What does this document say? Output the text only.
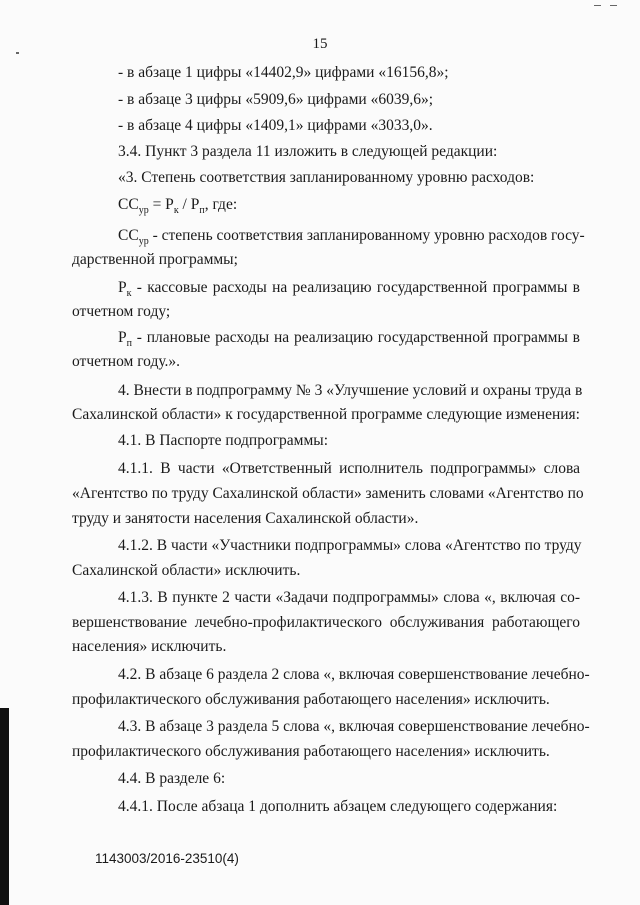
15
- в абзаце 1 цифры «14402,9» цифрами «16156,8»;
- в абзаце 3 цифры «5909,6» цифрами «6039,6»;
- в абзаце 4 цифры «1409,1» цифрами «3033,0».
3.4. Пункт 3 раздела 11 изложить в следующей редакции:
«3. Степень соответствия запланированному уровню расходов:
$СС_{ур} = Р_к / Р_п$, где:
$СС_{ур}$ - степень соответствия запланированному уровню расходов госу-
дарственной программы;
$Р_к$ - кассовые расходы на реализацию государственной программы в
отчетном году;
$Р_п$ - плановые расходы на реализацию государственной программы в
отчетном году.».
4. Внести в подпрограмму № 3 «Улучшение условий и охраны труда в
Сахалинской области» к государственной программе следующие изменения:
4.1. В Паспорте подпрограммы:
4.1.1. В части «Ответственный исполнитель подпрограммы» слова
«Агентство по труду Сахалинской области» заменить словами «Агентство по
труду и занятости населения Сахалинской области».
4.1.2. В части «Участники подпрограммы» слова «Агентство по труду
Сахалинской области» исключить.
4.1.3. В пункте 2 части «Задачи подпрограммы» слова «, включая со-
вершенствование лечебно-профилактического обслуживания работающего
населения» исключить.
4.2. В абзаце 6 раздела 2 слова «, включая совершенствование лечебно-
профилактического обслуживания работающего населения» исключить.
4.3. В абзаце 3 раздела 5 слова «, включая совершенствование лечебно-
профилактического обслуживания работающего населения» исключить.
4.4. В разделе 6:
4.4.1. После абзаца 1 дополнить абзацем следующего содержания:
1143003/2016-23510(4)
